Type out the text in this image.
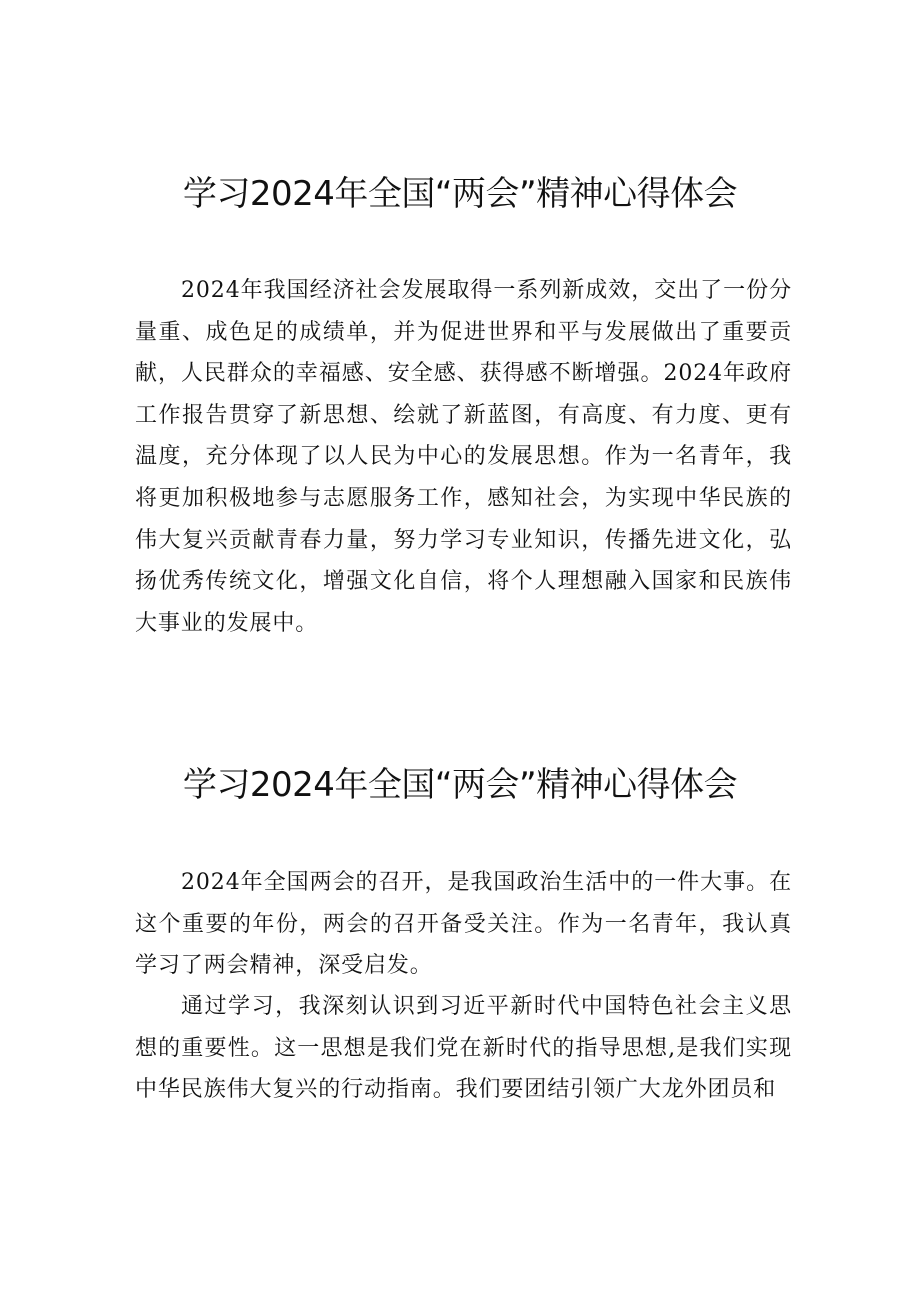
学习2024年全国“两会”精神心得体会

2024年我国经济社会发展取得一系列新成效，交出了一份分量重、成色足的成绩单，并为促进世界和平与发展做出了重要贡献，人民群众的幸福感、安全感、获得感不断增强。2024年政府工作报告贯穿了新思想、绘就了新蓝图，有高度、有力度、更有温度，充分体现了以人民为中心的发展思想。作为一名青年，我将更加积极地参与志愿服务工作，感知社会，为实现中华民族的伟大复兴贡献青春力量，努力学习专业知识，传播先进文化，弘扬优秀传统文化，增强文化自信，将个人理想融入国家和民族伟大事业的发展中。

学习2024年全国“两会”精神心得体会

2024年全国两会的召开，是我国政治生活中的一件大事。在这个重要的年份，两会的召开备受关注。作为一名青年，我认真学习了两会精神，深受启发。

通过学习，我深刻认识到习近平新时代中国特色社会主义思想的重要性。这一思想是我们党在新时代的指导思想,是我们实现中华民族伟大复兴的行动指南。我们要团结引领广大龙外团员和
